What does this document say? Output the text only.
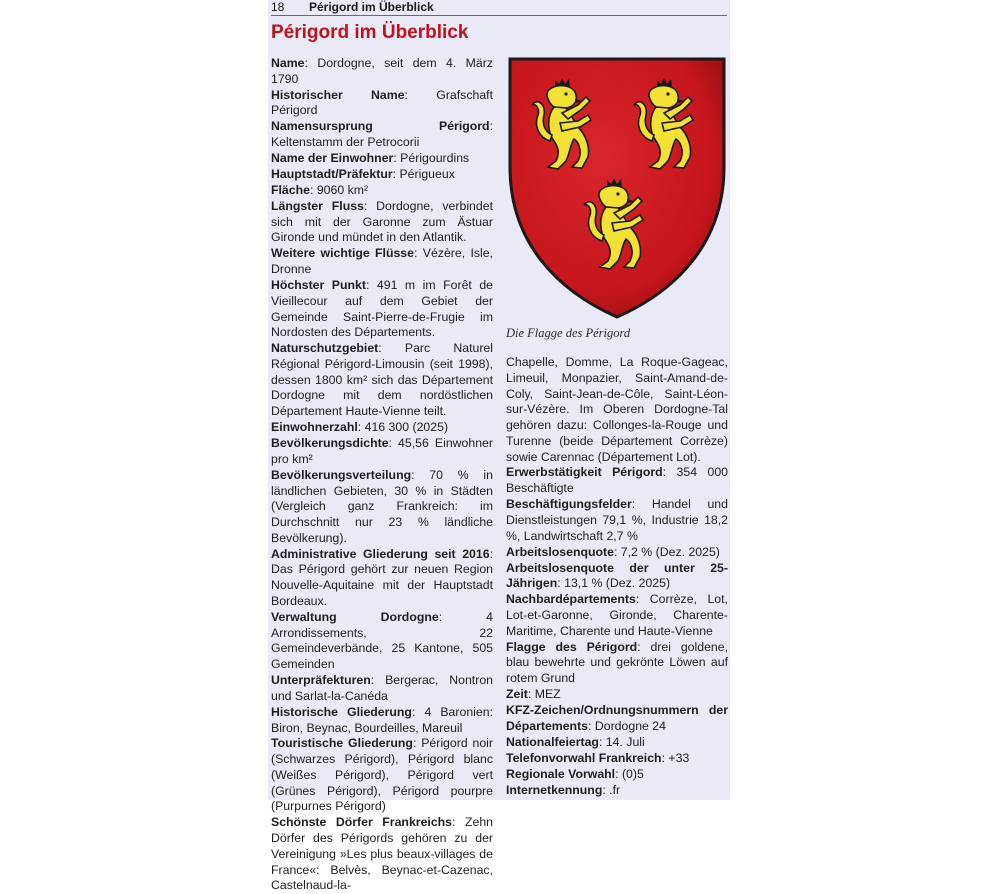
18 Périgord im Überblick
Périgord im Überblick
Name: Dordogne, seit dem 4. März 1790
Historischer Name: Grafschaft Périgord
Namensursprung Périgord: Keltenstamm der Petrocorii
Name der Einwohner: Périgourdins
Hauptstadt/Präfektur: Périgueux
Fläche: 9060 km²
Längster Fluss: Dordogne, verbindet sich mit der Garonne zum Ästuar Gironde und mündet in den Atlantik.
Weitere wichtige Flüsse: Vézère, Isle, Dronne
Höchster Punkt: 491 m im Forêt de Vieillecour auf dem Gebiet der Gemeinde Saint-Pierre-de-Frugie im Nordosten des Départements.
Naturschutzgebiet: Parc Naturel Régional Périgord-Limousin (seit 1998), dessen 1800 km² sich das Département Dordogne mit dem nordöstlichen Département Haute-Vienne teilt.
Einwohnerzahl: 416 300 (2025)
Bevölkerungsdichte: 45,56 Einwohner pro km²
Bevölkerungsverteilung: 70 % in ländlichen Gebieten, 30 % in Städten (Vergleich ganz Frankreich: im Durchschnitt nur 23 % ländliche Bevölkerung).
Administrative Gliederung seit 2016: Das Périgord gehört zur neuen Region Nouvelle-Aquitaine mit der Hauptstadt Bordeaux.
Verwaltung Dordogne: 4 Arrondissements, 22 Gemeindeverbände, 25 Kantone, 505 Gemeinden
Unterpräfekturen: Bergerac, Nontron und Sarlat-la-Canéda
Historische Gliederung: 4 Baronien: Biron, Beynac, Bourdeilles, Mareuil
Touristische Gliederung: Périgord noir (Schwarzes Périgord), Périgord blanc (Weißes Périgord), Périgord vert (Grünes Périgord), Périgord pourpre (Purpurnes Périgord)
Schönste Dörfer Frankreichs: Zehn Dörfer des Périgords gehören zu der Vereinigung »Les plus beaux-villages de France«: Belvès, Beynac-et-Cazenac, Castelnaud-la-
Die Flagge des Périgord
Chapelle, Domme, La Roque-Gageac, Limeuil, Monpazier, Saint-Amand-de-Coly, Saint-Jean-de-Côle, Saint-Léon-sur-Vézère. Im Oberen Dordogne-Tal gehören dazu: Collonges-la-Rouge und Turenne (beide Département Corrèze) sowie Carennac (Département Lot).
Erwerbstätigkeit Périgord: 354 000 Beschäftigte
Beschäftigungsfelder: Handel und Dienstleistungen 79,1 %, Industrie 18,2 %, Landwirtschaft 2,7 %
Arbeitslosenquote: 7,2 % (Dez. 2025)
Arbeitslosenquote der unter 25-Jährigen: 13,1 % (Dez. 2025)
Nachbardépartements: Corrèze, Lot, Lot-et-Garonne, Gironde, Charente-Maritime, Charente und Haute-Vienne
Flagge des Périgord: drei goldene, blau bewehrte und gekrönte Löwen auf rotem Grund
Zeit: MEZ
KFZ-Zeichen/Ordnungsnummern der Départements: Dordogne 24
Nationalfeiertag: 14. Juli
Telefonvorwahl Frankreich: +33
Regionale Vorwahl: (0)5
Internetkennung: .fr
